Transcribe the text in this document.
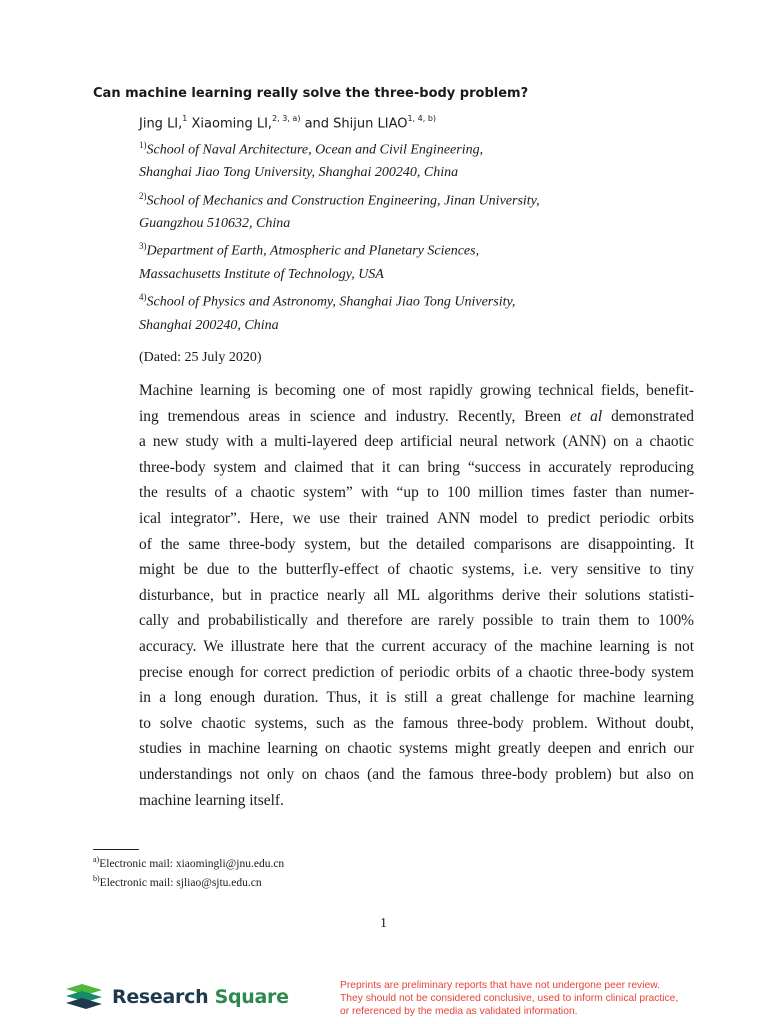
Can machine learning really solve the three-body problem?
Jing LI,$^1$ Xiaoming LI,$^{2, 3, a)}$ and Shijun LIAO$^{1, 4, b)}$
$^{1)}$School of Naval Architecture, Ocean and Civil Engineering,
Shanghai Jiao Tong University, Shanghai 200240, China
$^{2)}$School of Mechanics and Construction Engineering, Jinan University,
Guangzhou 510632, China
$^{3)}$Department of Earth, Atmospheric and Planetary Sciences,
Massachusetts Institute of Technology, USA
$^{4)}$School of Physics and Astronomy, Shanghai Jiao Tong University,
Shanghai 200240, China
(Dated: 25 July 2020)
Machine learning is becoming one of most rapidly growing technical fields, benefit-
ing tremendous areas in science and industry. Recently, Breen et al demonstrated
a new study with a multi-layered deep artificial neural network (ANN) on a chaotic
three-body system and claimed that it can bring “success in accurately reproducing
the results of a chaotic system” with “up to 100 million times faster than numer-
ical integrator”. Here, we use their trained ANN model to predict periodic orbits
of the same three-body system, but the detailed comparisons are disappointing. It
might be due to the butterfly-effect of chaotic systems, i.e. very sensitive to tiny
disturbance, but in practice nearly all ML algorithms derive their solutions statisti-
cally and probabilistically and therefore are rarely possible to train them to 100%
accuracy. We illustrate here that the current accuracy of the machine learning is not
precise enough for correct prediction of periodic orbits of a chaotic three-body system
in a long enough duration. Thus, it is still a great challenge for machine learning
to solve chaotic systems, such as the famous three-body problem. Without doubt,
studies in machine learning on chaotic systems might greatly deepen and enrich our
understandings not only on chaos (and the famous three-body problem) but also on
machine learning itself.
$^{a)}$Electronic mail: xiaomingli@jnu.edu.cn
$^{b)}$Electronic mail: sjliao@sjtu.edu.cn
1
Research Square
Preprints are preliminary reports that have not undergone peer review.
They should not be considered conclusive, used to inform clinical practice,
or referenced by the media as validated information.
